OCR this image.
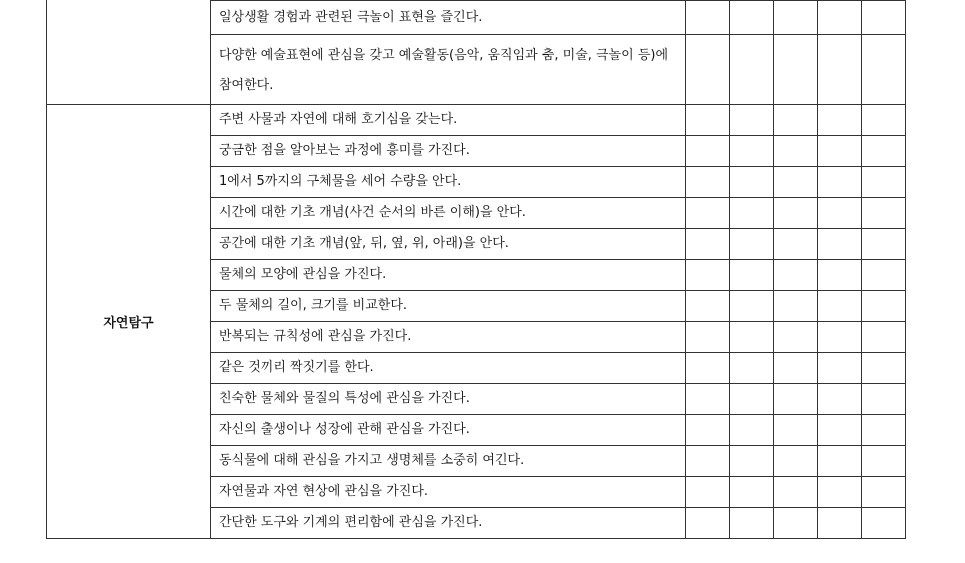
	일상생활 경험과 관련된 극놀이 표현을 즐긴다.					
	다양한 예술표현에 관심을 갖고 예술활동(음악, 움직임과 춤, 미술, 극놀이 등)에 참여한다.					
자연탐구	주변 사물과 자연에 대해 호기심을 갖는다.					
	궁금한 점을 알아보는 과정에 흥미를 가진다.					
	1에서 5까지의 구체물을 세어 수량을 안다.					
	시간에 대한 기초 개념(사건 순서의 바른 이해)을 안다.					
	공간에 대한 기초 개념(앞, 뒤, 옆, 위, 아래)을 안다.					
	물체의 모양에 관심을 가진다.					
	두 물체의 길이, 크기를 비교한다.					
	반복되는 규칙성에 관심을 가진다.					
	같은 것끼리 짝짓기를 한다.					
	친숙한 물체와 물질의 특성에 관심을 가진다.					
	자신의 출생이나 성장에 관해 관심을 가진다.					
	동식물에 대해 관심을 가지고 생명체를 소중히 여긴다.					
	자연물과 자연 현상에 관심을 가진다.					
	간단한 도구와 기계의 편리함에 관심을 가진다.					
